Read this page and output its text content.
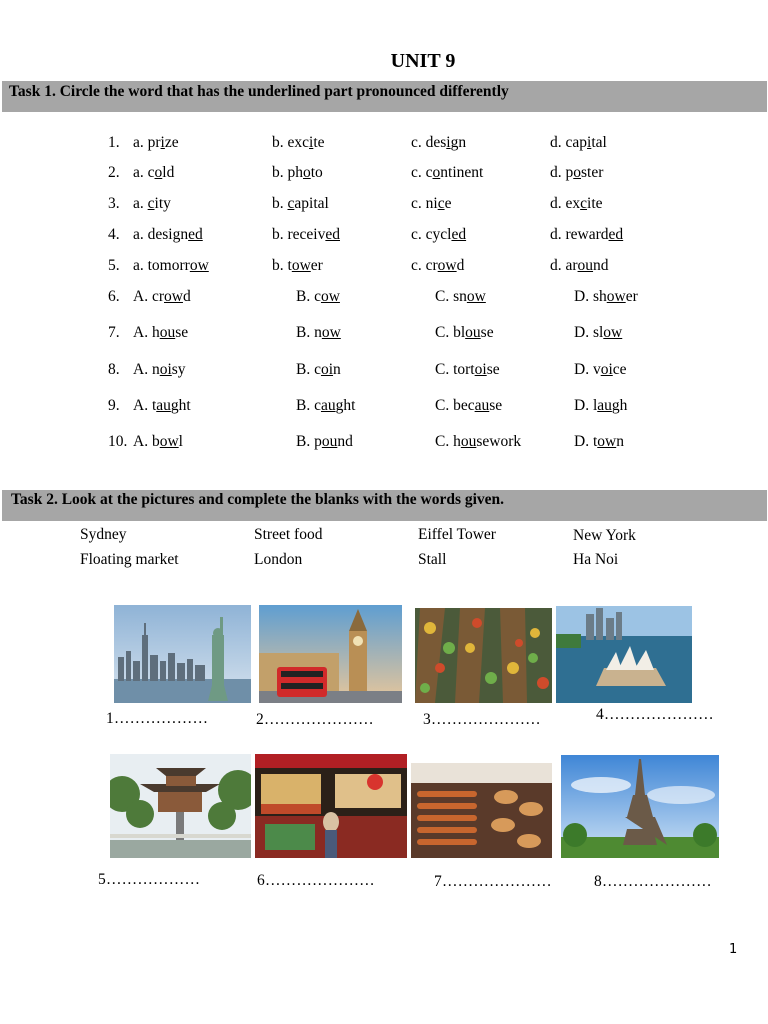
UNIT 9
Task 1. Circle the word that has the underlined part pronounced differently
1. a. prize	b. excite	c. design	d. capital
2. a. cold	b. photo	c. continent	d. poster
3. a. city	b. capital	c. nice	d. excite
4. a. designed	b. received	c. cycled	d. rewarded
5. a. tomorrow	b. tower	c. crowd	d. around
6. A. crowd	B. cow	C. snow	D. shower
7. A. house	B. now	C. blouse	D. slow
8. A. noisy	B. coin	C. tortoise	D. voice
9. A. taught	B. caught	C. because	D. laugh
10. A. bowl	B. pound	C. housework	D. town
Task 2. Look at the pictures and complete the blanks with the words given.
Sydney	Street food	Eiffel Tower	New York
Floating market	London	Stall	Ha Noi
1………………	2…………………	3…………………	4…………………
5………………	6…………………	7…………………	8…………………
1
